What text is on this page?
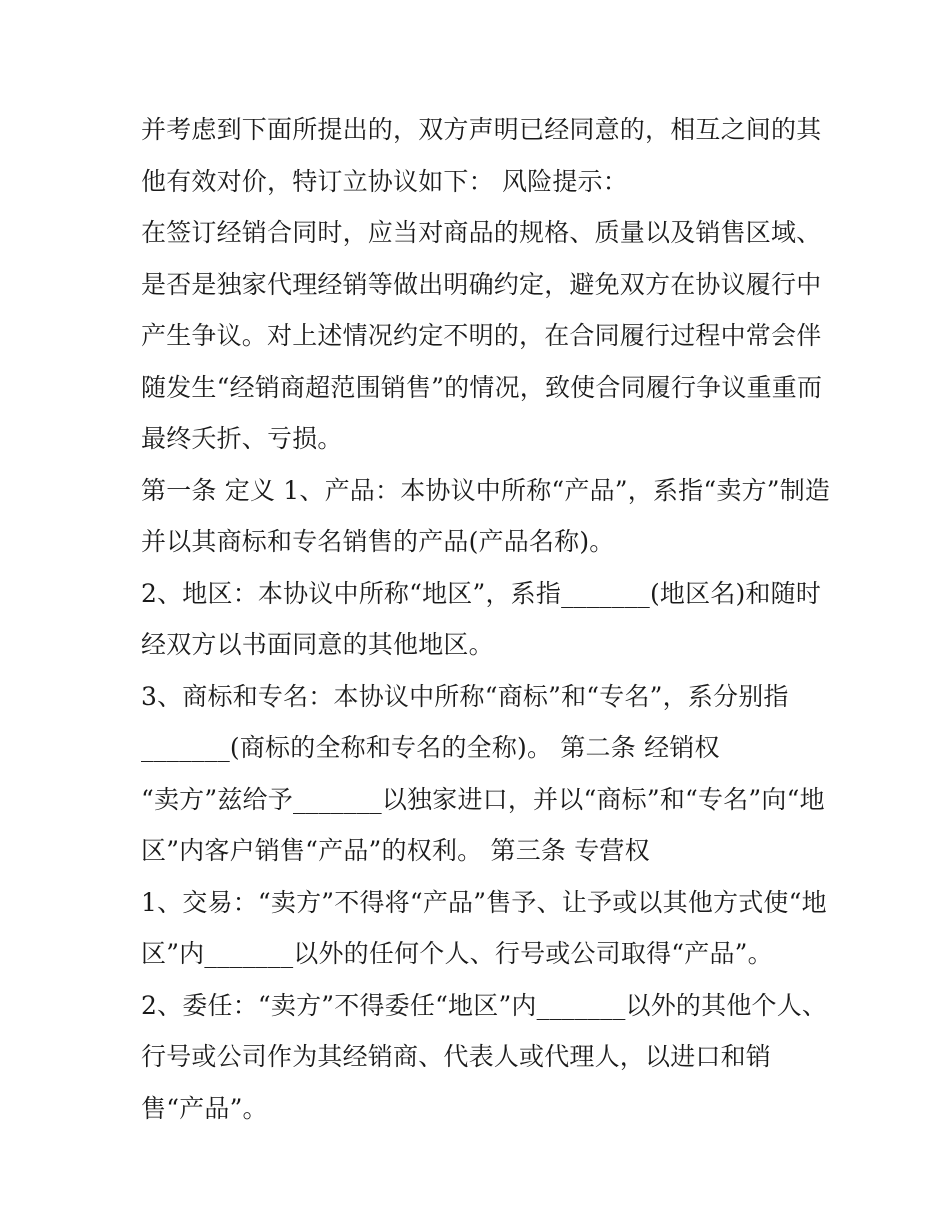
并考虑到下面所提出的，双方声明已经同意的，相互之间的其
他有效对价，特订立协议如下： 风险提示：
在签订经销合同时，应当对商品的规格、质量以及销售区域、
是否是独家代理经销等做出明确约定，避免双方在协议履行中
产生争议。对上述情况约定不明的，在合同履行过程中常会伴
随发生“经销商超范围销售”的情况，致使合同履行争议重重而
最终夭折、亏损。
第一条 定义 1、产品：本协议中所称“产品”，系指“卖方”制造
并以其商标和专名销售的产品(产品名称)。
2、地区：本协议中所称“地区”，系指_______(地区名)和随时
经双方以书面同意的其他地区。
3、商标和专名：本协议中所称“商标”和“专名”，系分别指
_______(商标的全称和专名的全称)。 第二条 经销权
“卖方”兹给予_______以独家进口，并以“商标”和“专名”向“地
区”内客户销售“产品”的权利。 第三条 专营权
1、交易：“卖方”不得将“产品”售予、让予或以其他方式使“地
区”内_______以外的任何个人、行号或公司取得“产品”。
2、委任：“卖方”不得委任“地区”内_______以外的其他个人、
行号或公司作为其经销商、代表人或代理人，以进口和销
售“产品”。
